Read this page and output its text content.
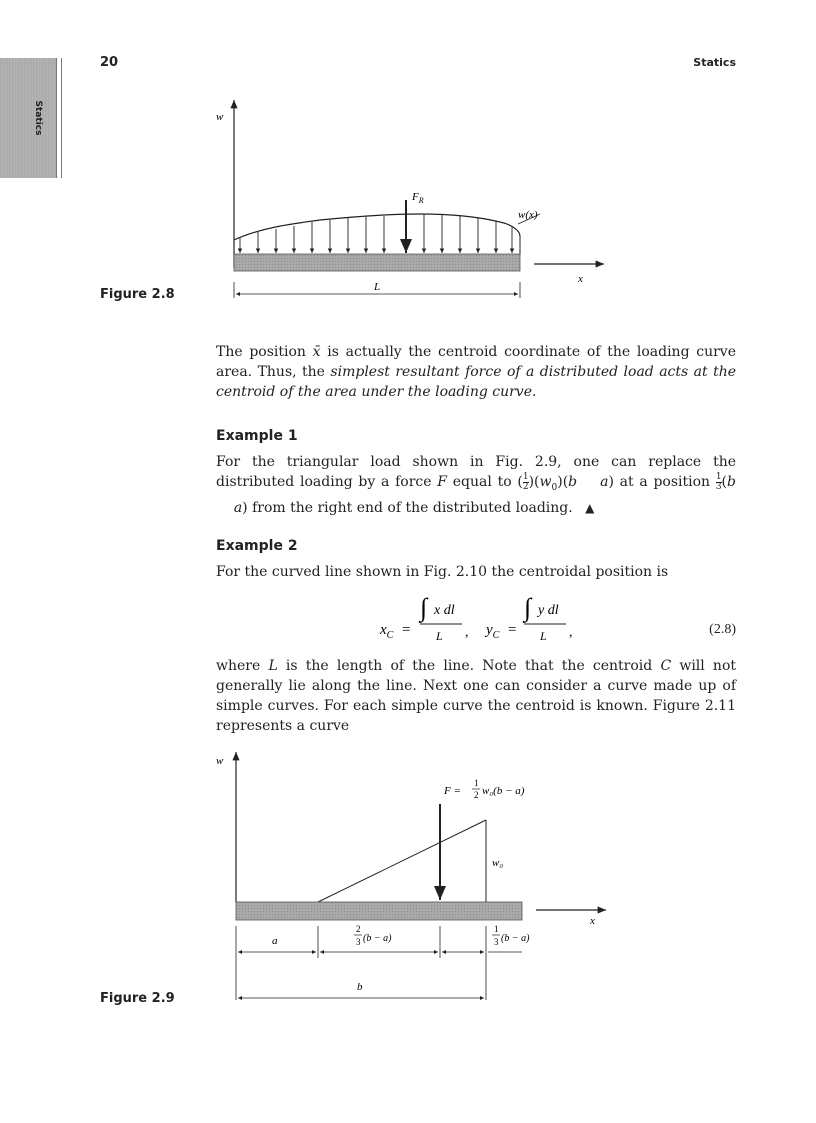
20	Statics
Statics	w
$F_R$
w(x)
x
L
Figure 2.8
The position x̄ is actually the centroid coordinate of the loading curve area. Thus, the simplest resultant force of a distributed load acts at the centroid of the area under the loading curve.
Example 1
For the triangular load shown in Fig. 2.9, one can replace the distributed loading by a force F equal to ( $\frac{1}{2} )(w_0)(b$ a) at a position $\frac{1}{3} (b$    a) from the right end of the distributed loading. ▲
Example 2
For the curved line shown in Fig. 2.10 the centroidal position is
$x_C$ =
∫ x dl
L , $y_C$ =
∫ y dl
L ,	(2.8)
where L is the length of the line. Note that the centroid C will not generally lie along the line. Next one can consider a curve made up of simple curves. For each simple curve the centroid is known. Figure 2.11 represents a curve
w
w₀
F =
1
2 w₀(b − a)
x
a
2
3 (b − a)
1
3 (b − a)
b
Figure 2.9
